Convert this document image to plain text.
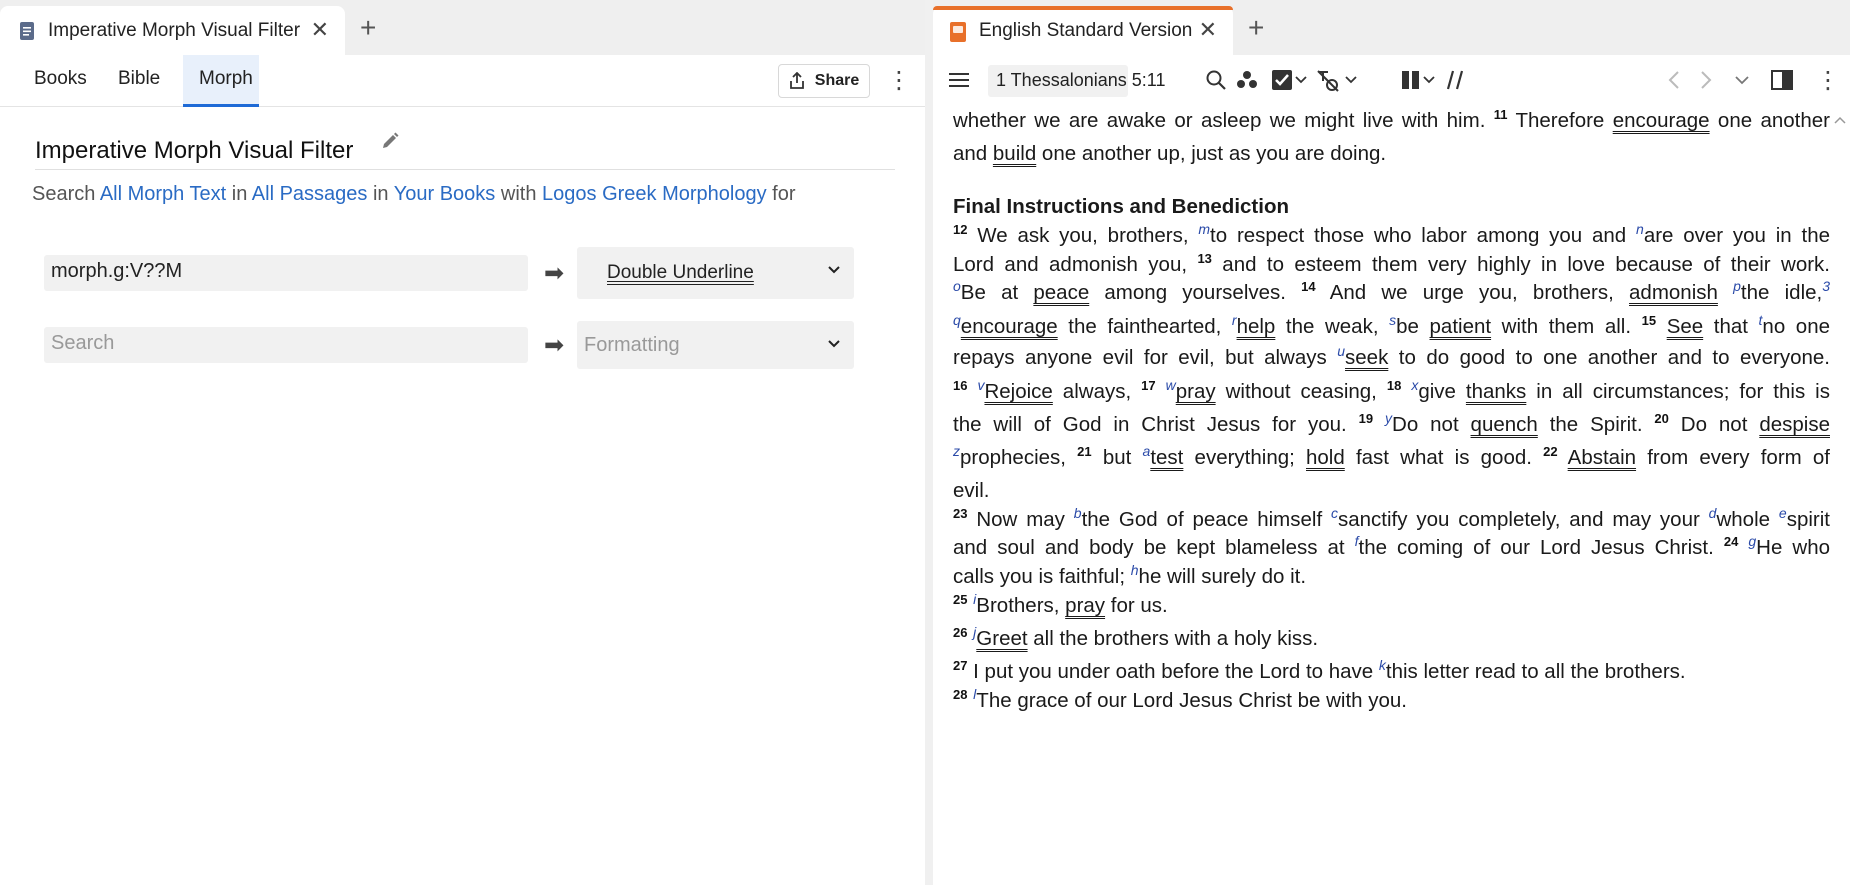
Imperative Morph Visual Filter ✕ +
Books	Bible	Morph	Share ⋮
Imperative Morph Visual Filter
Search All Morph Text in All Passages in Your Books with Logos Greek Morphology for
morph.g:V??M	➡	Double Underline
Search	➡ Formatting
English Standard Version ✕ +
1 Thessalonians 5:11	⋮
whether we are awake or asleep we might live with him. $^{11}$ Therefore encourage one another
and build one another up, just as you are doing.
Final Instructions and Benediction
$^{12}$ We ask you, brothers, $^m$to respect those who labor among you and $^n$are over you in the
Lord and admonish you, $^{13}$ and to esteem them very highly in love because of their work.
$^o$Be at peace among yourselves. $^{14}$ And we urge you, brothers, admonish $^p$the idle,$^3$
$^q$encourage the fainthearted, $^r$help the weak, $^s$be patient with them all. $^{15}$ See that $^t$no one
repays anyone evil for evil, but always $^u$seek to do good to one another and to everyone.
$^{16}$ $^v$Rejoice always, $^{17}$ $^w$pray without ceasing, $^{18}$ $^x$give thanks in all circumstances; for this is
the will of God in Christ Jesus for you. $^{19}$ $^y$Do not quench the Spirit. $^{20}$ Do not despise
$^z$prophecies, $^{21}$ but $^a$test everything; hold fast what is good. $^{22}$ Abstain from every form of
evil.
$^{23}$ Now may $^b$the God of peace himself $^c$sanctify you completely, and may your $^d$whole $^e$spirit
and soul and body be kept blameless at $^f$the coming of our Lord Jesus Christ. $^{24}$ $^g$He who
calls you is faithful; $^h$he will surely do it.
$^{25}$ $^i$Brothers, pray for us.
$^{26}$ $^j$Greet all the brothers with a holy kiss.
$^{27}$ I put you under oath before the Lord to have $^k$this letter read to all the brothers.
$^{28}$ $^l$The grace of our Lord Jesus Christ be with you.
